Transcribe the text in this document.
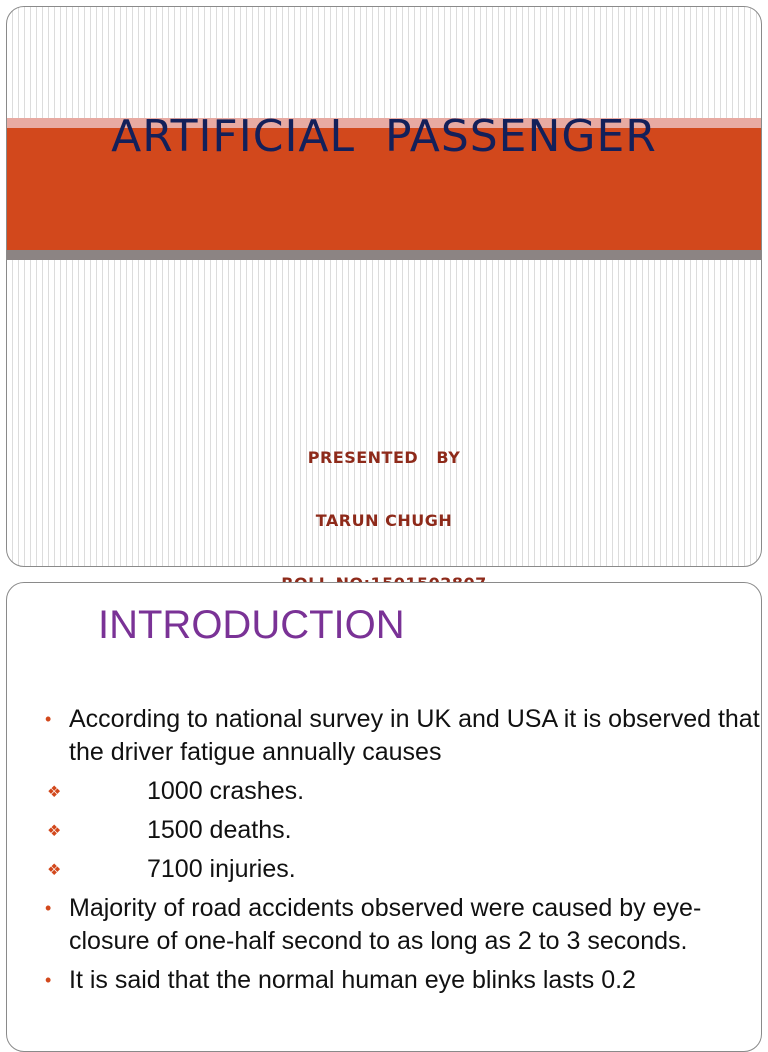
ARTIFICIAL  PASSENGER

PRESENTED   BY

TARUN CHUGH

INTRODUCTION
• According to national survey in UK and USA it is observed that the driver fatigue annually causes
❖	1000 crashes.
❖	1500 deaths.
❖	7100 injuries.
• Majority of road accidents observed were caused by eye-closure of one-half second to as long as 2 to 3 seconds.
• It is said that the normal human eye blinks lasts 0.2
